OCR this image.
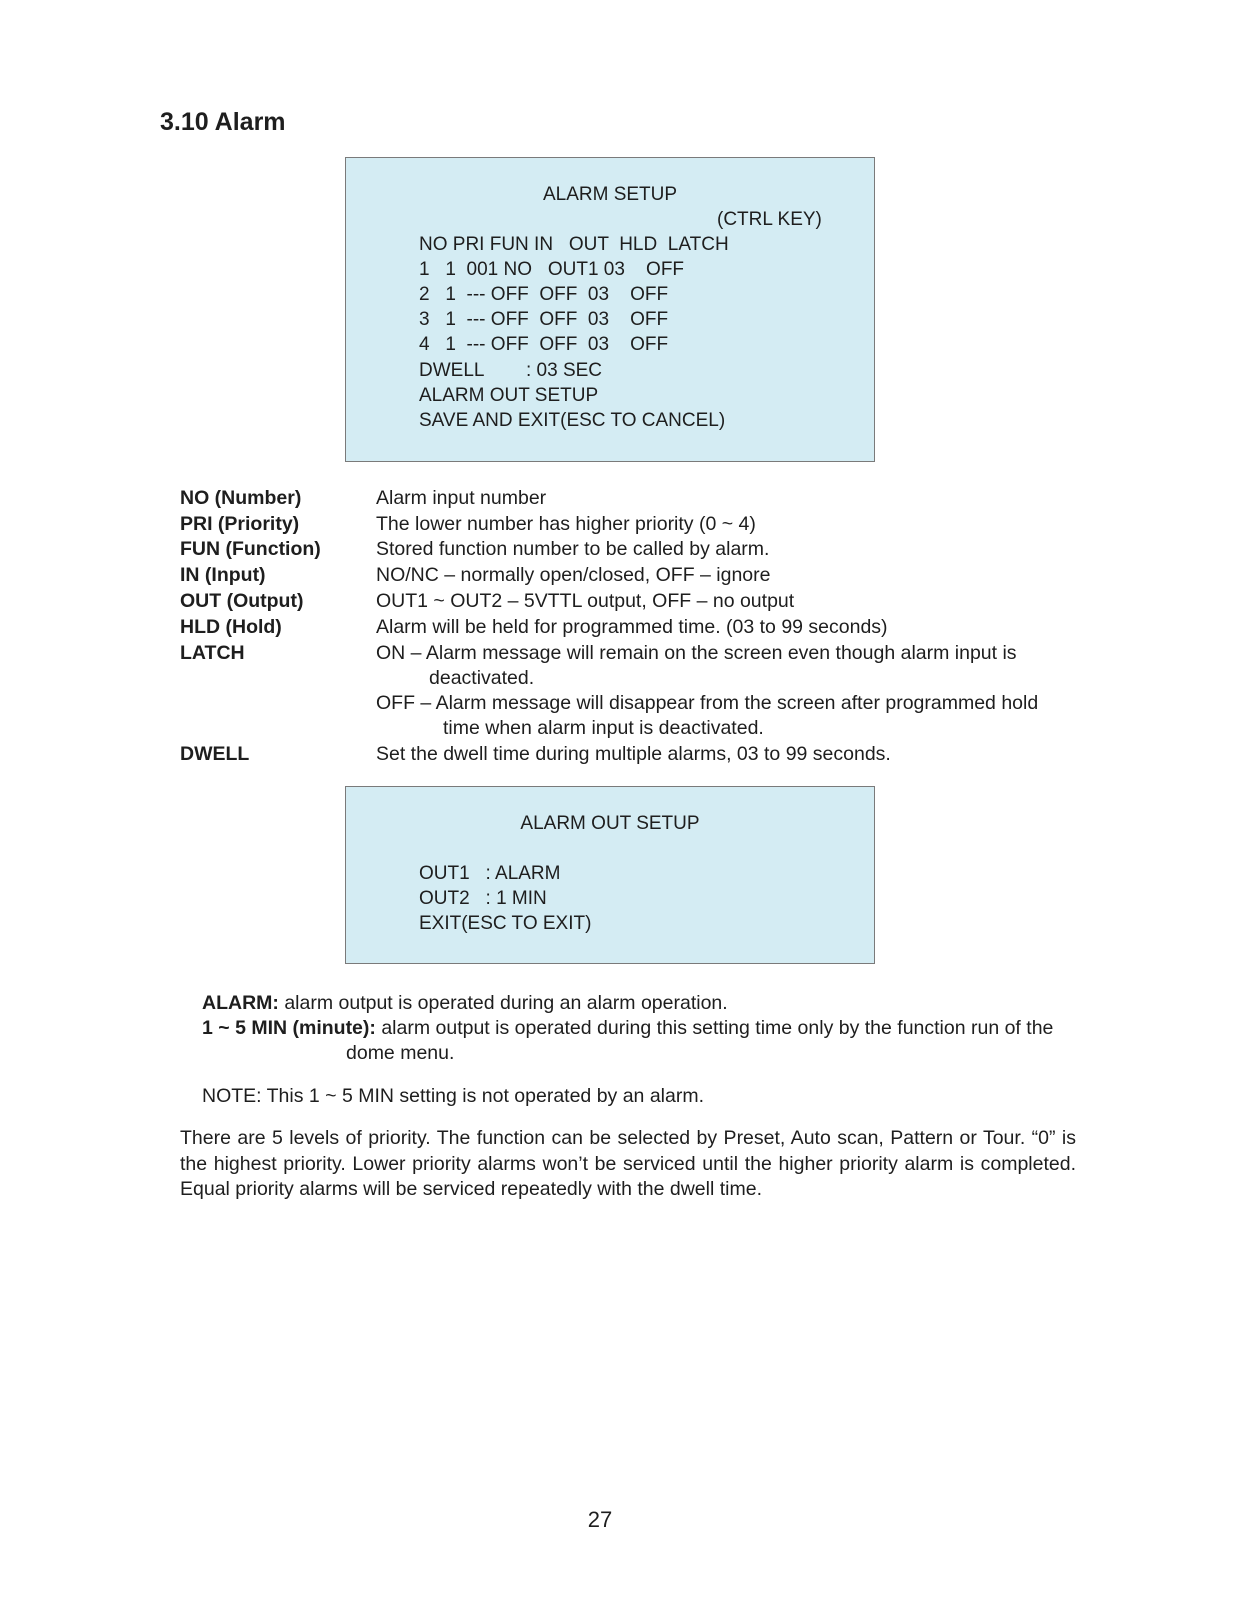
3.10 Alarm
ALARM SETUP
(CTRL KEY)
NO PRI FUN IN   OUT  HLD  LATCH
1   1  001 NO   OUT1 03    OFF
2   1  --- OFF  OFF  03    OFF
3   1  --- OFF  OFF  03    OFF
4   1  --- OFF  OFF  03    OFF
DWELL        : 03 SEC
ALARM OUT SETUP
SAVE AND EXIT(ESC TO CANCEL)
NO (Number)	Alarm input number
PRI (Priority)	The lower number has higher priority (0 ~ 4)
FUN (Function)	Stored function number to be called by alarm.
IN (Input)	NO/NC – normally open/closed, OFF – ignore
OUT (Output)	OUT1 ~ OUT2 – 5VTTL output, OFF – no output
HLD (Hold)	Alarm will be held for programmed time. (03 to 99 seconds)
LATCH	ON – Alarm message will remain on the screen even though alarm input is
deactivated.
OFF – Alarm message will disappear from the screen after programmed hold
time when alarm input is deactivated.
DWELL	Set the dwell time during multiple alarms, 03 to 99 seconds.
ALARM OUT SETUP
OUT1   : ALARM
OUT2   : 1 MIN
EXIT(ESC TO EXIT)
ALARM: alarm output is operated during an alarm operation.
1 ~ 5 MIN (minute): alarm output is operated during this setting time only by the function run of the
dome menu.
NOTE: This 1 ~ 5 MIN setting is not operated by an alarm.

There are 5 levels of priority. The function can be selected by Preset, Auto scan, Pattern or Tour. “0” is the highest priority. Lower priority alarms won’t be serviced until the higher priority alarm is completed. Equal priority alarms will be serviced repeatedly with the dwell time.

27
